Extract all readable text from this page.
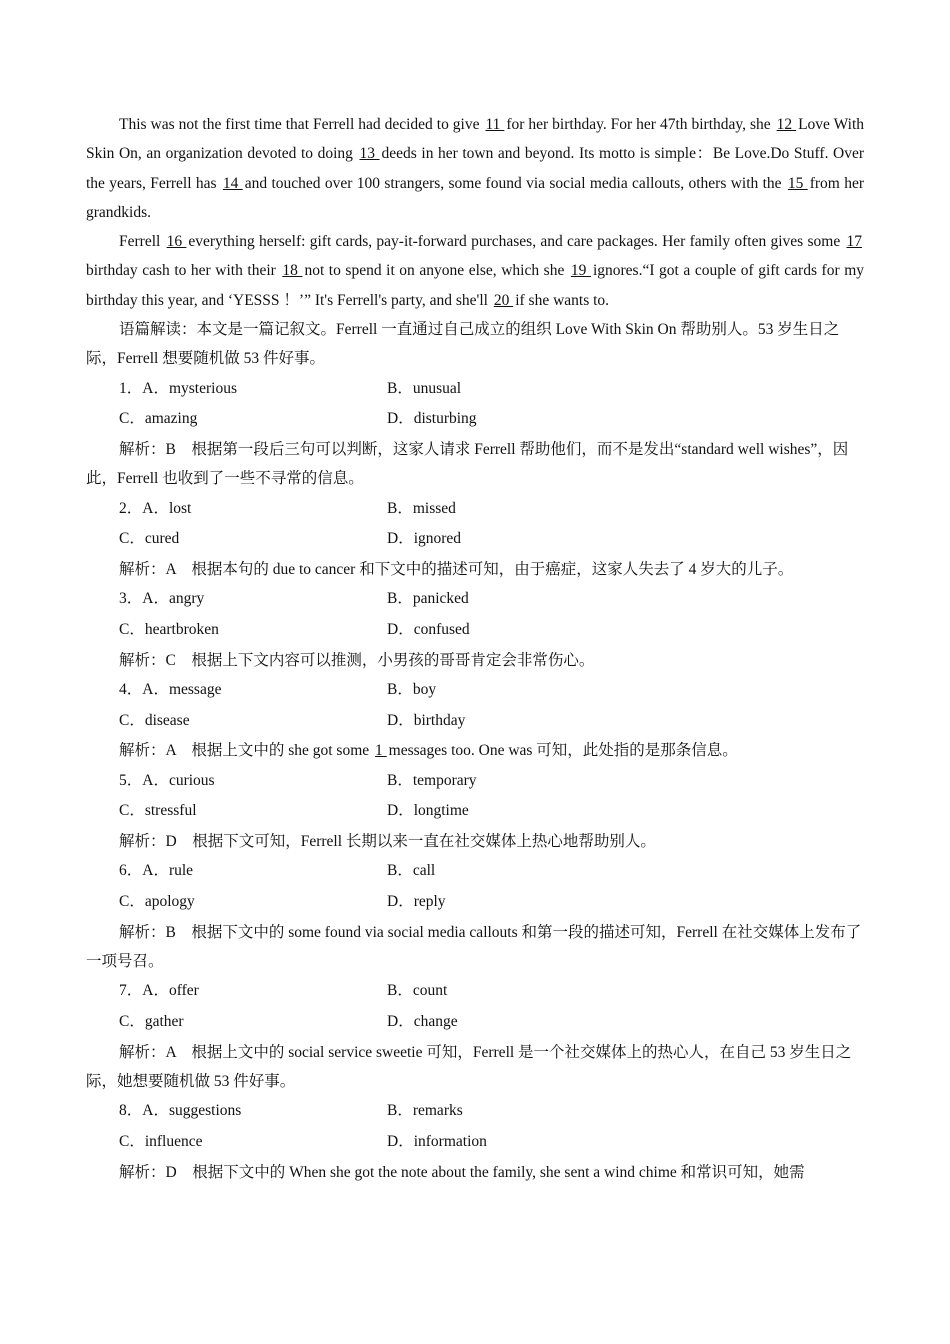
This was not the first time that Ferrell had decided to give 11 for her birthday. For her 47th birthday, she 12 Love With Skin On, an organization devoted to doing 13 deeds in her town and beyond. Its motto is simple：Be Love.Do Stuff. Over the years, Ferrell has 14 and touched over 100 strangers, some found via social media callouts, others with the 15 from her grandkids.

Ferrell 16 everything herself: gift cards, pay-it-forward purchases, and care packages. Her family often gives some 17 birthday cash to her with their 18 not to spend it on anyone else, which she 19 ignores.“I got a couple of gift cards for my birthday this year, and ‘YESSS ！’” It's Ferrell's party, and she'll 20 if she wants to.

语篇解读：本文是一篇记叙文。Ferrell 一直通过自己成立的组织 Love With Skin On 帮助别人。53 岁生日之际，Ferrell 想要随机做 53 件好事。

1．A．mysterious	B．unusual
C．amazing	D．disturbing

解析：B　根据第一段后三句可以判断，这家人请求 Ferrell 帮助他们，而不是发出“standard well wishes”，因此，Ferrell 也收到了一些不寻常的信息。

2．A．lost	B．missed
C．cured	D．ignored

解析：A　根据本句的 due to cancer 和下文中的描述可知，由于癌症，这家人失去了 4 岁大的儿子。

3．A．angry	B．panicked
C．heartbroken	D．confused

解析：C　根据上下文内容可以推测，小男孩的哥哥肯定会非常伤心。

4．A．message	B．boy
C．disease	D．birthday

解析：A　根据上文中的 she got some 1 messages too. One was 可知，此处指的是那条信息。

5．A．curious	B．temporary
C．stressful	D．longtime

解析：D　根据下文可知，Ferrell 长期以来一直在社交媒体上热心地帮助别人。

6．A．rule	B．call
C．apology	D．reply

解析：B　根据下文中的 some found via social media callouts 和第一段的描述可知，Ferrell 在社交媒体上发布了一项号召。

7．A．offer	B．count
C．gather	D．change

解析：A　根据上文中的 social service sweetie 可知，Ferrell 是一个社交媒体上的热心人，在自己 53 岁生日之际，她想要随机做 53 件好事。

8．A．suggestions	B．remarks
C．influence	D．information

解析：D　根据下文中的 When she got the note about the family, she sent a wind chime 和常识可知，她需
